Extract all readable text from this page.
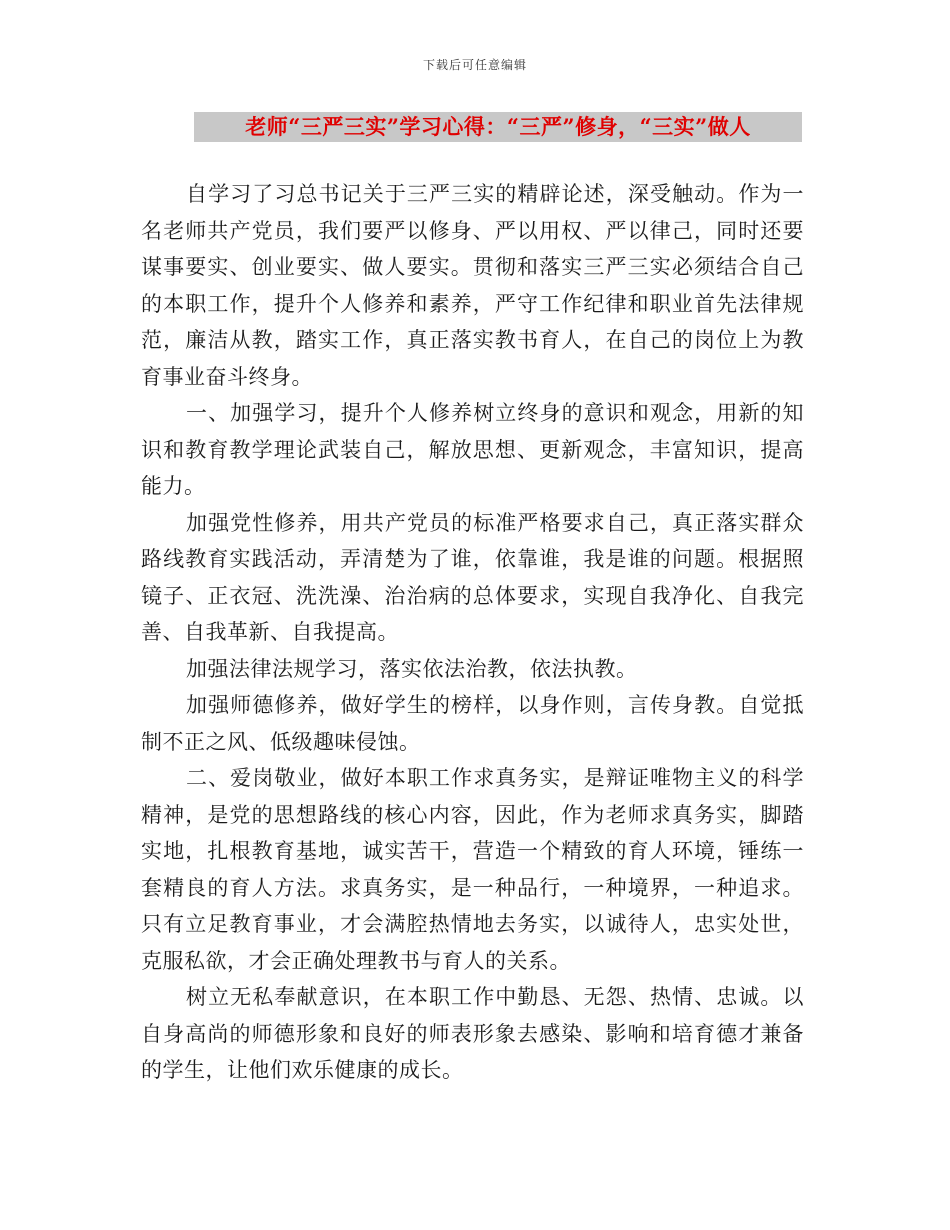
下载后可任意编辑
老师“三严三实”学习心得：“三严”修身，“三实”做人

自学习了习总书记关于三严三实的精辟论述，深受触动。作为一名老师共产党员，我们要严以修身、严以用权、严以律己，同时还要谋事要实、创业要实、做人要实。贯彻和落实三严三实必须结合自己的本职工作，提升个人修养和素养，严守工作纪律和职业首先法律规范，廉洁从教，踏实工作，真正落实教书育人，在自己的岗位上为教育事业奋斗终身。

一、加强学习，提升个人修养树立终身的意识和观念，用新的知识和教育教学理论武装自己，解放思想、更新观念，丰富知识，提高能力。

加强党性修养，用共产党员的标准严格要求自己，真正落实群众路线教育实践活动，弄清楚为了谁，依靠谁，我是谁的问题。根据照镜子、正衣冠、洗洗澡、治治病的总体要求，实现自我净化、自我完善、自我革新、自我提高。

加强法律法规学习，落实依法治教，依法执教。

加强师德修养，做好学生的榜样，以身作则，言传身教。自觉抵制不正之风、低级趣味侵蚀。

二、爱岗敬业，做好本职工作求真务实，是辩证唯物主义的科学精神，是党的思想路线的核心内容，因此，作为老师求真务实，脚踏实地，扎根教育基地，诚实苦干，营造一个精致的育人环境，锤练一套精良的育人方法。求真务实，是一种品行，一种境界，一种追求。只有立足教育事业，才会满腔热情地去务实，以诚待人，忠实处世，克服私欲，才会正确处理教书与育人的关系。

树立无私奉献意识，在本职工作中勤恳、无怨、热情、忠诚。以自身高尚的师德形象和良好的师表形象去感染、影响和培育德才兼备的学生，让他们欢乐健康的成长。
